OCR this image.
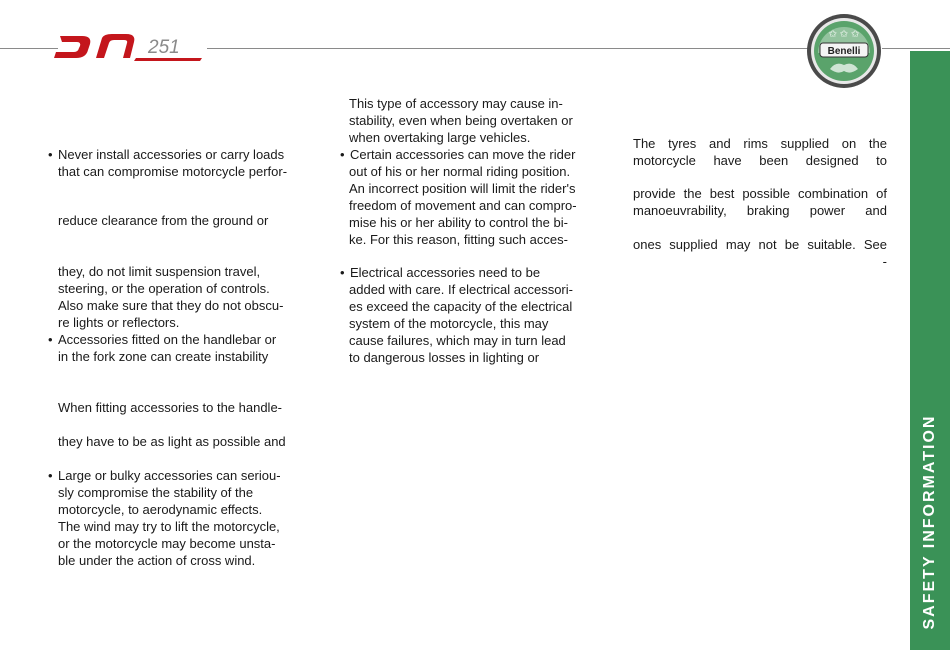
251
✩ ✩ ✩
Benelli
SAFETY INFORMATION
• Never install accessories or carry loads
that can compromise motorcycle perfor-
reduce clearance from the ground or
they, do not limit suspension travel,
steering, or the operation of controls.
Also make sure that they do not obscu-
re lights or reflectors.
• Accessories fitted on the handlebar or
in the fork zone can create instability
When fitting accessories to the handle-
they have to be as light as possible and
• Large or bulky accessories can seriou-
sly compromise the stability of the
motorcycle, to aerodynamic effects.
The wind may try to lift the motorcycle,
or the motorcycle may become unsta-
ble under the action of cross wind.
This type of accessory may cause in-
stability, even when being overtaken or
when overtaking large vehicles.
• Certain accessories can move the rider
out of his or her normal riding position.
An incorrect position will limit the rider's
freedom of movement and can compro-
mise his or her ability to control the bi-
ke. For this reason, fitting such acces-
• Electrical accessories need to be
added with care. If electrical accessori-
es exceed the capacity of the electrical
system of the motorcycle, this may
cause failures, which may in turn lead
to dangerous losses in lighting or
The tyres and rims supplied on the
motorcycle have been designed to
provide the best possible combination of
manoeuvrability, braking power and
ones supplied may not be suitable. See
-
